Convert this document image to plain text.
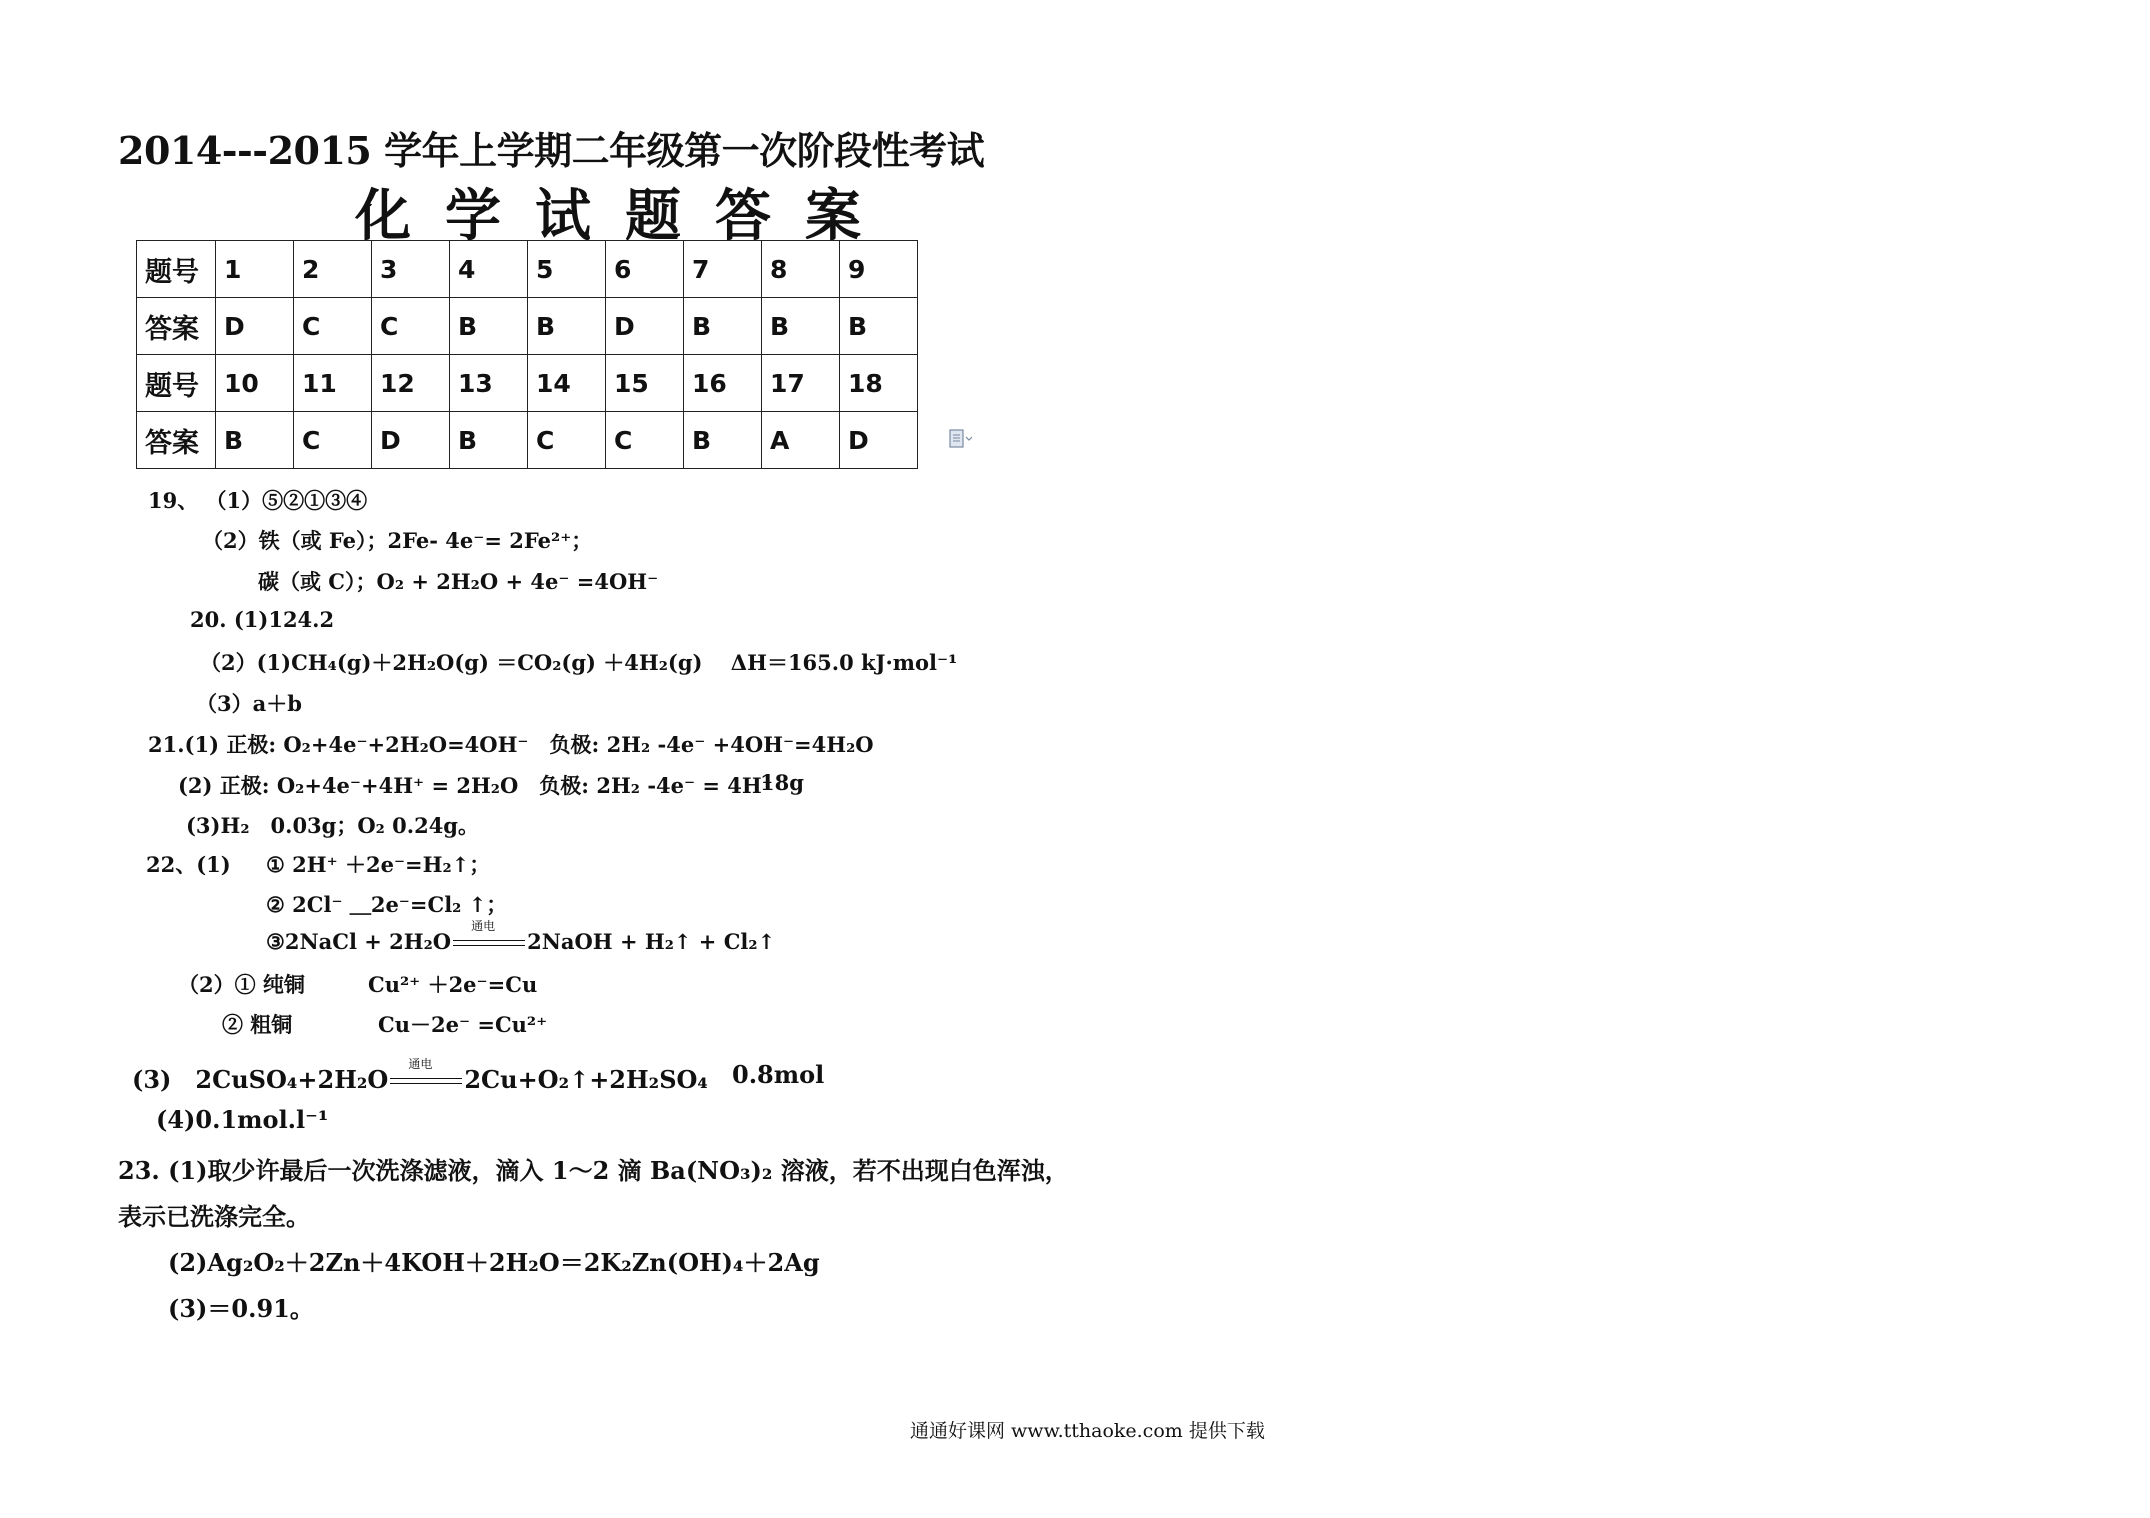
2014---2015 学年上学期二年级第一次阶段性考试
化学试题答案
题号	1	2	3	4	5	6	7	8	9
答案	D	C	C	B	B	D	B	B	B
题号	10	11	12	13	14	15	16	17	18
答案	B	C	D	B	C	C	B	A	D
19、 （1）⑤②①③④
（2）铁（或 Fe）；2Fe- 4e⁻= 2Fe²⁺；
碳（或 C）；O₂ + 2H₂O + 4e⁻ =4OH⁻
20. (1)124.2
（2）(1)CH₄(g)＋2H₂O(g) ＝CO₂(g) ＋4H₂(g)　 ΔH＝165.0 kJ·mol⁻¹
（3）a＋b
21.(1) 正极: O₂+4e⁻+2H₂O=4OH⁻　负极: 2H₂ -4e⁻ +4OH⁻=4H₂O
(2) 正极: O₂+4e⁻+4H⁺ = 2H₂O　负极: 2H₂ -4e⁻ = 4H⁺
18g
(3)H₂　0.03g；O₂ 0.24g。
22、(1) ① 2H⁺ ＋2e⁻=H₂↑；
② 2Cl⁻ ＿2e⁻=Cl₂ ↑；
③2NaCl + 2H₂O
通电
2NaOH + H₂↑ + Cl₂↑
（2）① 纯铜	Cu²⁺ ＋2e⁻=Cu
② 粗铜	Cu－2e⁻ =Cu²⁺
(3)　2CuSO₄+2H₂O
通电
2Cu+O₂↑+2H₂SO₄ 0.8mol
(4)0.1mol.l⁻¹
23. (1)取少许最后一次洗涤滤液，滴入 1～2 滴 Ba(NO₃)₂ 溶液，若不出现白色浑浊，
表示已洗涤完全。
(2)Ag₂O₂＋2Zn＋4KOH＋2H₂O＝2K₂Zn(OH)₄＋2Ag
(3)＝0.91。
通通好课网 www.tthaoke.com 提供下载
